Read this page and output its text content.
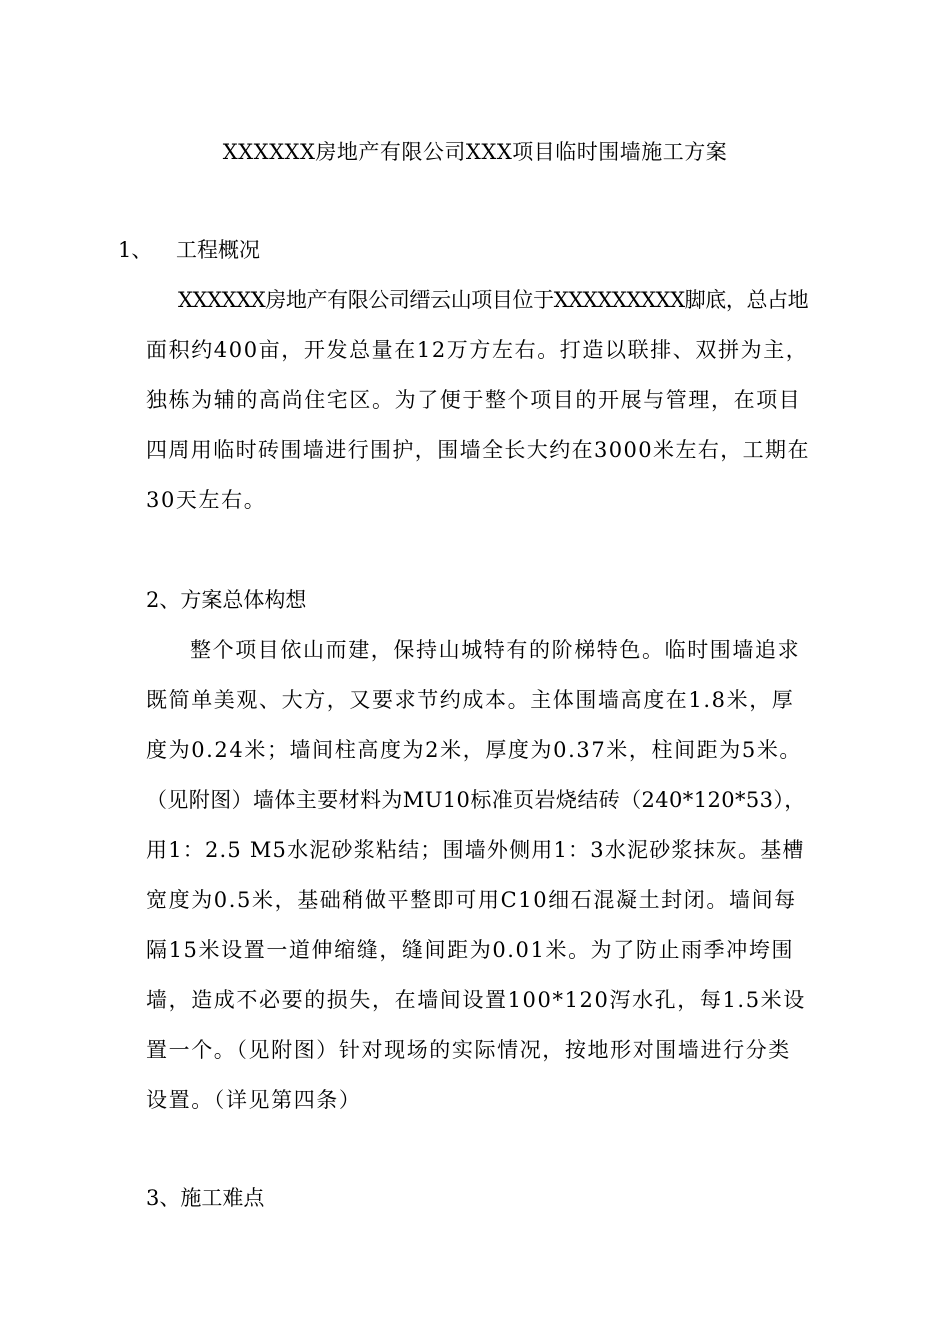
XXXXXX房地产有限公司XXX项目临时围墙施工方案
1、 工程概况
XXXXXX房地产有限公司缙云山项目位于XXXXXXXXX脚底，总占地
面积约400亩，开发总量在12万方左右。打造以联排、双拼为主，
独栋为辅的高尚住宅区。为了便于整个项目的开展与管理，在项目
四周用临时砖围墙进行围护，围墙全长大约在3000米左右，工期在
30天左右。
2、方案总体构想
整个项目依山而建，保持山城特有的阶梯特色。临时围墙追求
既简单美观、大方，又要求节约成本。主体围墙高度在1.8米，厚
度为0.24米；墙间柱高度为2米，厚度为0.37米，柱间距为5米。
（见附图）墙体主要材料为MU10标准页岩烧结砖（240*120*53），
用1：2.5 M5水泥砂浆粘结；围墙外侧用1：3水泥砂浆抹灰。基槽
宽度为0.5米，基础稍做平整即可用C10细石混凝土封闭。墙间每
隔15米设置一道伸缩缝，缝间距为0.01米。为了防止雨季冲垮围
墙，造成不必要的损失，在墙间设置100*120泻水孔，每1.5米设
置一个。（见附图）针对现场的实际情况，按地形对围墙进行分类
设置。（详见第四条）
3、施工难点
